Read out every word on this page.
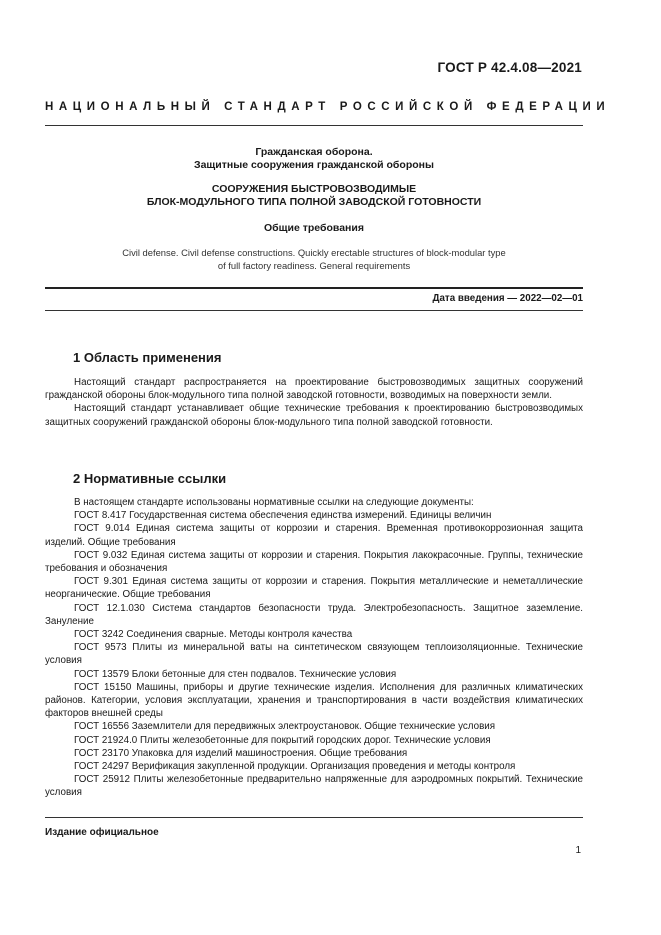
ГОСТ Р 42.4.08—2021
НАЦИОНАЛЬНЫЙ СТАНДАРТ РОССИЙСКОЙ ФЕДЕРАЦИИ
Гражданская оборона.
Защитные сооружения гражданской обороны
СООРУЖЕНИЯ БЫСТРОВОЗВОДИМЫЕ
БЛОК-МОДУЛЬНОГО ТИПА ПОЛНОЙ ЗАВОДСКОЙ ГОТОВНОСТИ
Общие требования
Civil defense. Civil defense constructions. Quickly erectable structures of block-modular type
of full factory readiness. General requirements
Дата введения — 2022—02—01
1 Область применения

Настоящий стандарт распространяется на проектирование быстровозводимых защитных сооружений гражданской обороны блок-модульного типа полной заводской готовности, возводимых на поверхности земли.

Настоящий стандарт устанавливает общие технические требования к проектированию быстровозводимых защитных сооружений гражданской обороны блок-модульного типа полной заводской готовности.

2 Нормативные ссылки

В настоящем стандарте использованы нормативные ссылки на следующие документы:

ГОСТ 8.417 Государственная система обеспечения единства измерений. Единицы величин

ГОСТ 9.014 Единая система защиты от коррозии и старения. Временная противокоррозионная защита изделий. Общие требования

ГОСТ 9.032 Единая система защиты от коррозии и старения. Покрытия лакокрасочные. Группы, технические требования и обозначения

ГОСТ 9.301 Единая система защиты от коррозии и старения. Покрытия металлические и неметаллические неорганические. Общие требования

ГОСТ 12.1.030 Система стандартов безопасности труда. Электробезопасность. Защитное заземление. Зануление

ГОСТ 3242 Соединения сварные. Методы контроля качества

ГОСТ 9573 Плиты из минеральной ваты на синтетическом связующем теплоизоляционные. Технические условия

ГОСТ 13579 Блоки бетонные для стен подвалов. Технические условия

ГОСТ 15150 Машины, приборы и другие технические изделия. Исполнения для различных климатических районов. Категории, условия эксплуатации, хранения и транспортирования в части воздействия климатических факторов внешней среды

ГОСТ 16556 Заземлители для передвижных электроустановок. Общие технические условия

ГОСТ 21924.0 Плиты железобетонные для покрытий городских дорог. Технические условия

ГОСТ 23170 Упаковка для изделий машиностроения. Общие требования

ГОСТ 24297 Верификация закупленной продукции. Организация проведения и методы контроля

ГОСТ 25912 Плиты железобетонные предварительно напряженные для аэродромных покрытий. Технические условия

Издание официальное
1
